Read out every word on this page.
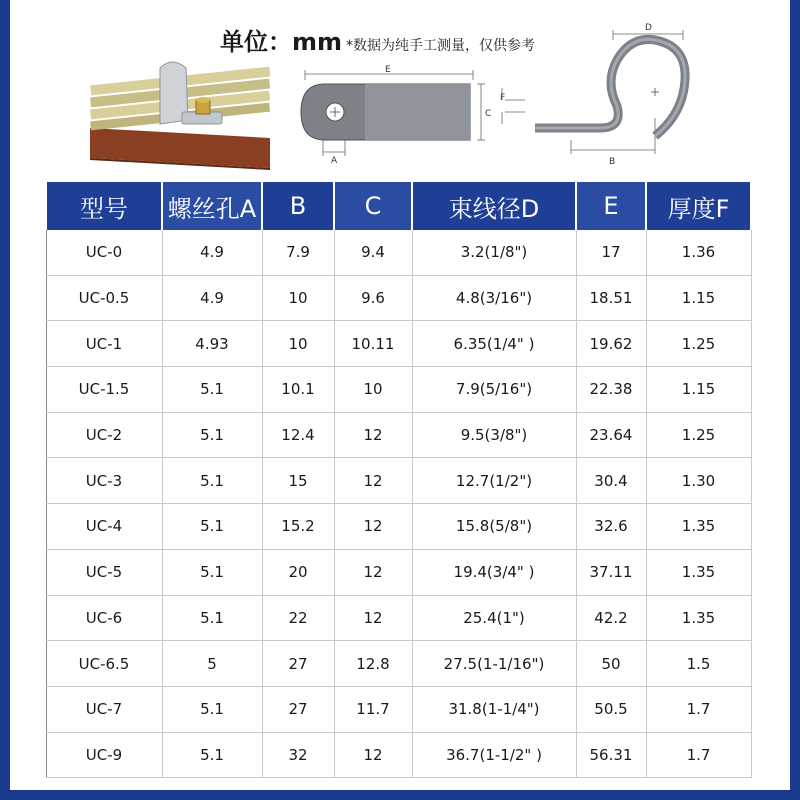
单位：mm *数据为纯手工测量，仅供参考
E
C
A
F
D
B
型号	螺丝孔A	B	C	束线径D	E	厚度F
UC-0	4.9	7.9	9.4	3.2(1/8")	17	1.36
UC-0.5	4.9	10	9.6	4.8(3/16")	18.51	1.15
UC-1	4.93	10	10.11	6.35(1/4" )	19.62	1.25
UC-1.5	5.1	10.1	10	7.9(5/16")	22.38	1.15
UC-2	5.1	12.4	12	9.5(3/8")	23.64	1.25
UC-3	5.1	15	12	12.7(1/2")	30.4	1.30
UC-4	5.1	15.2	12	15.8(5/8")	32.6	1.35
UC-5	5.1	20	12	19.4(3/4" )	37.11	1.35
UC-6	5.1	22	12	25.4(1")	42.2	1.35
UC-6.5	5	27	12.8	27.5(1-1/16")	50	1.5
UC-7	5.1	27	11.7	31.8(1-1/4")	50.5	1.7
UC-9	5.1	32	12	36.7(1-1/2" )	56.31	1.7
